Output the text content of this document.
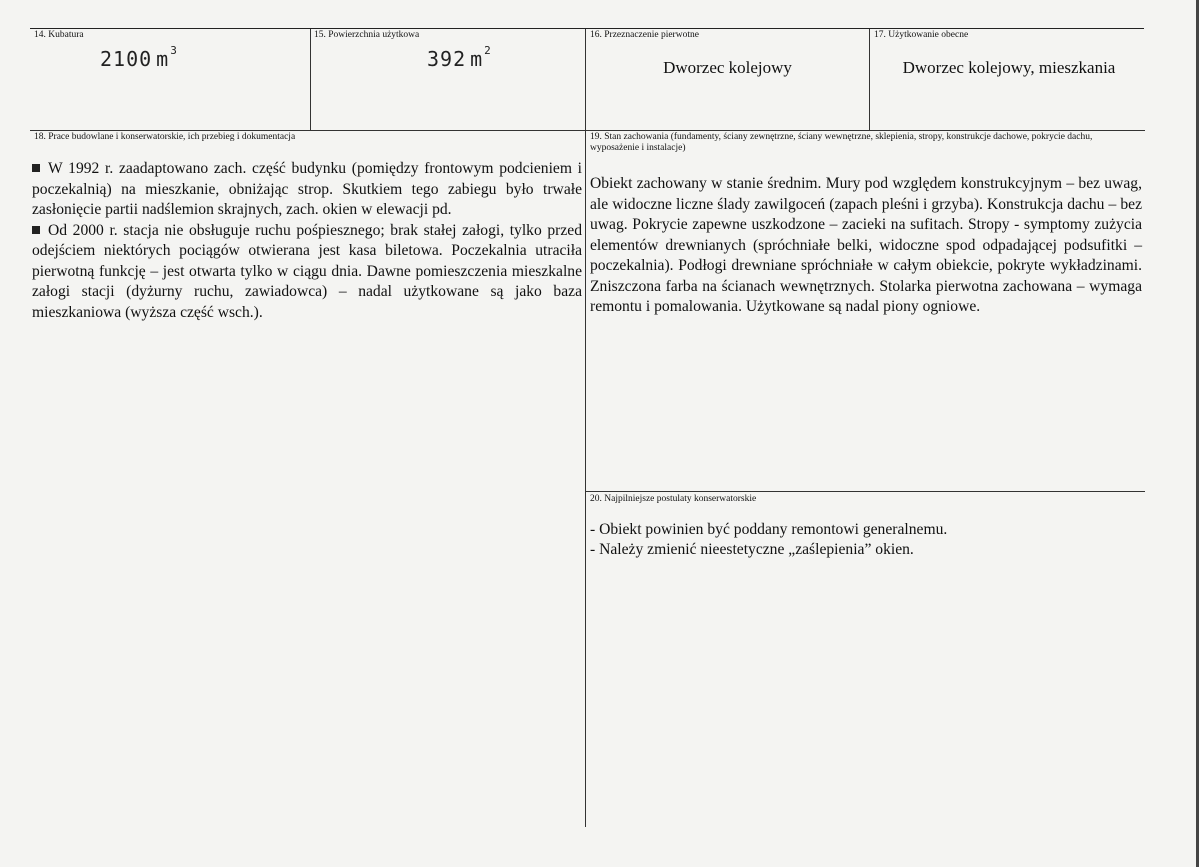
14. Kubatura
2100 $m^3$
15. Powierzchnia użytkowa
392 $m^2$
16. Przeznaczenie pierwotne
Dworzec kolejowy
17. Użytkowanie obecne
Dworzec kolejowy, mieszkania
18. Prace budowlane i konserwatorskie, ich przebieg i dokumentacja

W 1992 r. zaadaptowano zach. część budynku (pomiędzy frontowym podcieniem i poczekalnią) na mieszkanie, obniżając strop. Skutkiem tego zabiegu było trwałe zasłonięcie partii nadślemion skrajnych, zach. okien w elewacji pd.

Od 2000 r. stacja nie obsługuje ruchu pośpiesznego; brak stałej załogi, tylko przed odejściem niektórych pociągów otwierana jest kasa biletowa. Poczekalnia utraciła pierwotną funkcję – jest otwarta tylko w ciągu dnia. Dawne pomieszczenia mieszkalne załogi stacji (dyżurny ruchu, zawiadowca) – nadal użytkowane są jako baza mieszkaniowa (wyższa część wsch.).

19. Stan zachowania (fundamenty, ściany zewnętrzne, ściany wewnętrzne, sklepienia, stropy, konstrukcje dachowe, pokrycie dachu, wyposażenie i instalacje)

Obiekt zachowany w stanie średnim. Mury pod względem konstrukcyjnym – bez uwag, ale widoczne liczne ślady zawilgoceń (zapach pleśni i grzyba). Konstrukcja dachu – bez uwag. Pokrycie zapewne uszkodzone – zacieki na sufitach. Stropy - symptomy zużycia elementów drewnianych (spróchniałe belki, widoczne spod odpadającej podsufitki – poczekalnia). Podłogi drewniane spróchniałe w całym obiekcie, pokryte wykładzinami. Zniszczona farba na ścianach wewnętrznych. Stolarka pierwotna zachowana – wymaga remontu i pomalowania. Użytkowane są nadal piony ogniowe.

20. Najpilniejsze postulaty konserwatorskie

- Obiekt powinien być poddany remontowi generalnemu.

- Należy zmienić nieestetyczne „zaślepienia” okien.
